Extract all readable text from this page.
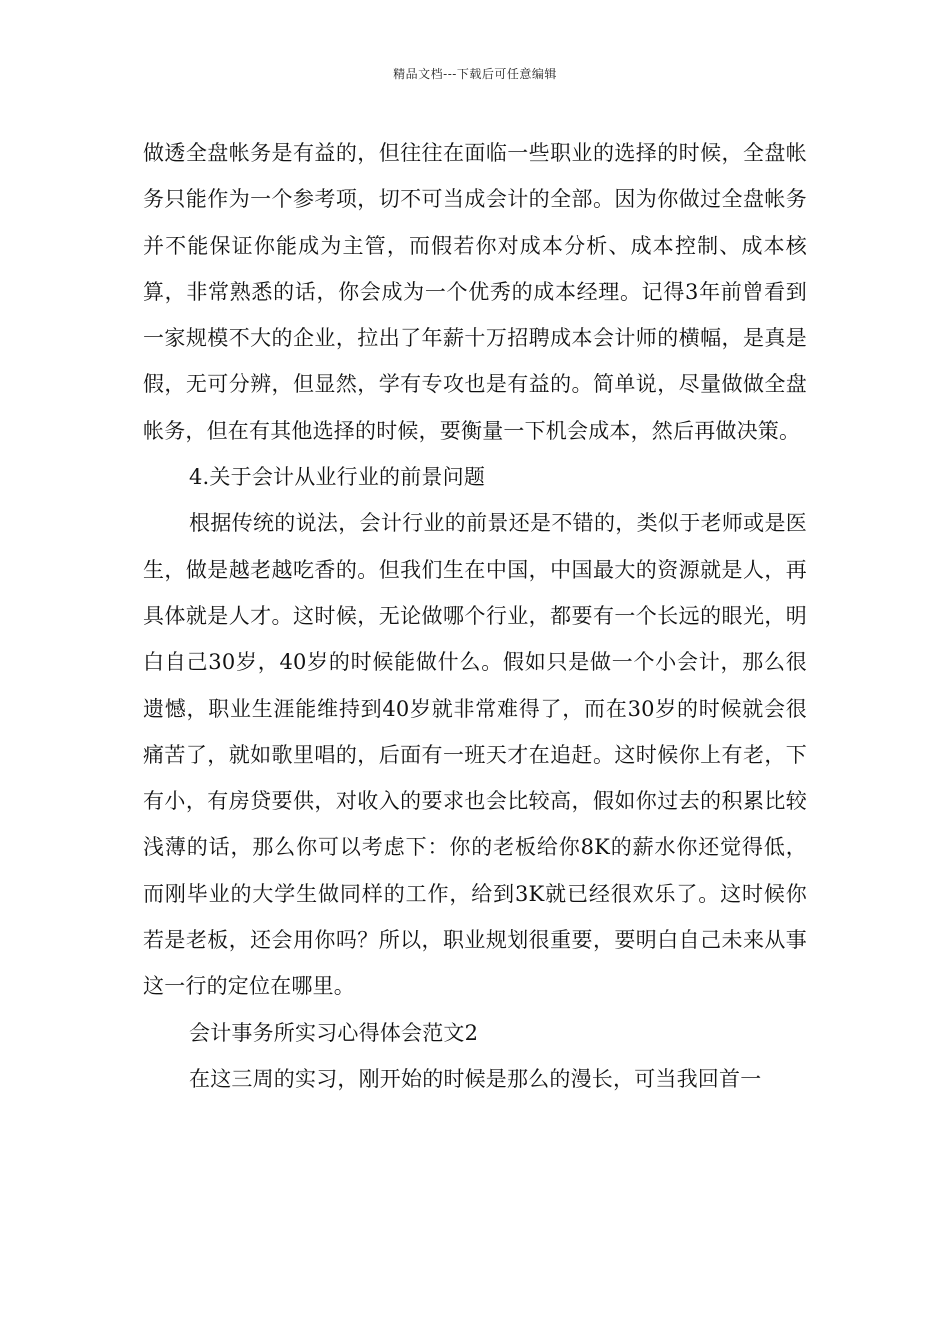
精品文档---下载后可任意编辑

做透全盘帐务是有益的，但往往在面临一些职业的选择的时候，全盘帐务只能作为一个参考项，切不可当成会计的全部。因为你做过全盘帐务并不能保证你能成为主管，而假若你对成本分析、成本控制、成本核算，非常熟悉的话，你会成为一个优秀的成本经理。记得3年前曾看到一家规模不大的企业，拉出了年薪十万招聘成本会计师的横幅，是真是假，无可分辨，但显然，学有专攻也是有益的。简单说，尽量做做全盘帐务，但在有其他选择的时候，要衡量一下机会成本，然后再做决策。

4.关于会计从业行业的前景问题

根据传统的说法，会计行业的前景还是不错的，类似于老师或是医生，做是越老越吃香的。但我们生在中国，中国最大的资源就是人，再具体就是人才。这时候，无论做哪个行业，都要有一个长远的眼光，明白自己30岁，40岁的时候能做什么。假如只是做一个小会计，那么很遗憾，职业生涯能维持到40岁就非常难得了，而在30岁的时候就会很痛苦了，就如歌里唱的，后面有一班天才在追赶。这时候你上有老，下有小，有房贷要供，对收入的要求也会比较高，假如你过去的积累比较浅薄的话，那么你可以考虑下：你的老板给你8K的薪水你还觉得低，而刚毕业的大学生做同样的工作，给到3K就已经很欢乐了。这时候你若是老板，还会用你吗？所以，职业规划很重要，要明白自己未来从事这一行的定位在哪里。

会计事务所实习心得体会范文2

在这三周的实习，刚开始的时候是那么的漫长，可当我回首一
